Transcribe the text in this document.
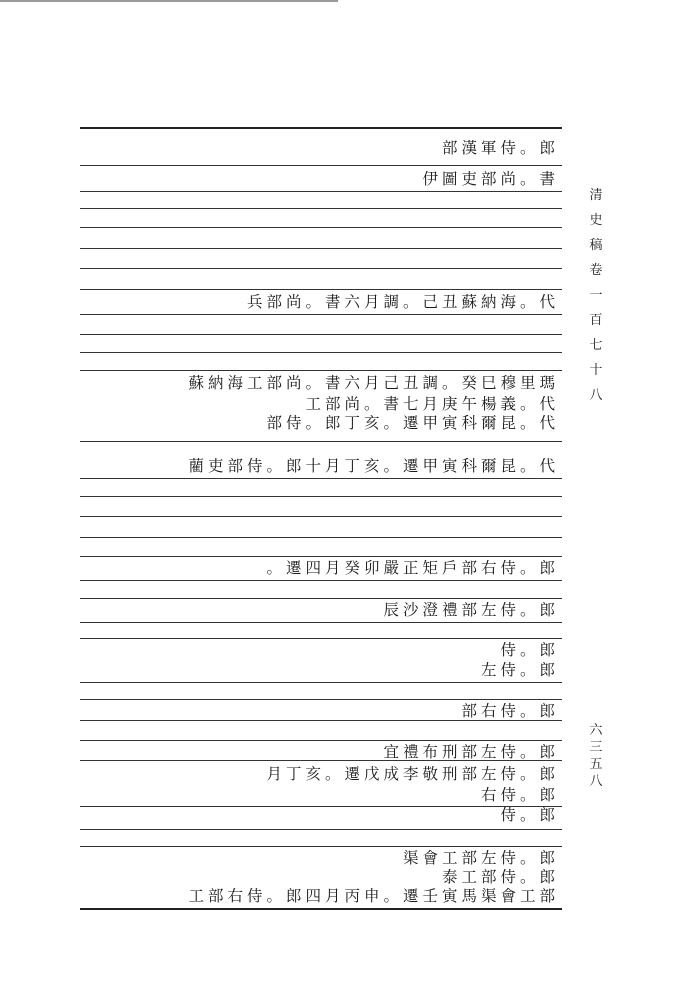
部漢軍侍。郎
伊圖吏部尚。書
兵部尚。書六月調。己丑蘇納海。代
蘇納海工部尚。書六月己丑調。癸巳穆里瑪
工部尚。書七月庚午楊義。代
部侍。郎丁亥。遷甲寅科爾昆。代
藺吏部侍。郎十月丁亥。遷甲寅科爾昆。代
。遷四月癸卯嚴正矩戶部右侍。郎
辰沙澄禮部左侍。郎
侍。郎
左侍。郎
部右侍。郎
宜禮布刑部左侍。郎
月丁亥。遷戊成李敬刑部左侍。郎
右侍。郎
侍。郎
渠會工部左侍。郎
泰工部侍。郎
工部右侍。郎四月丙申。遷壬寅馬渠會工部
清史稿卷一百七十八
六三五八
